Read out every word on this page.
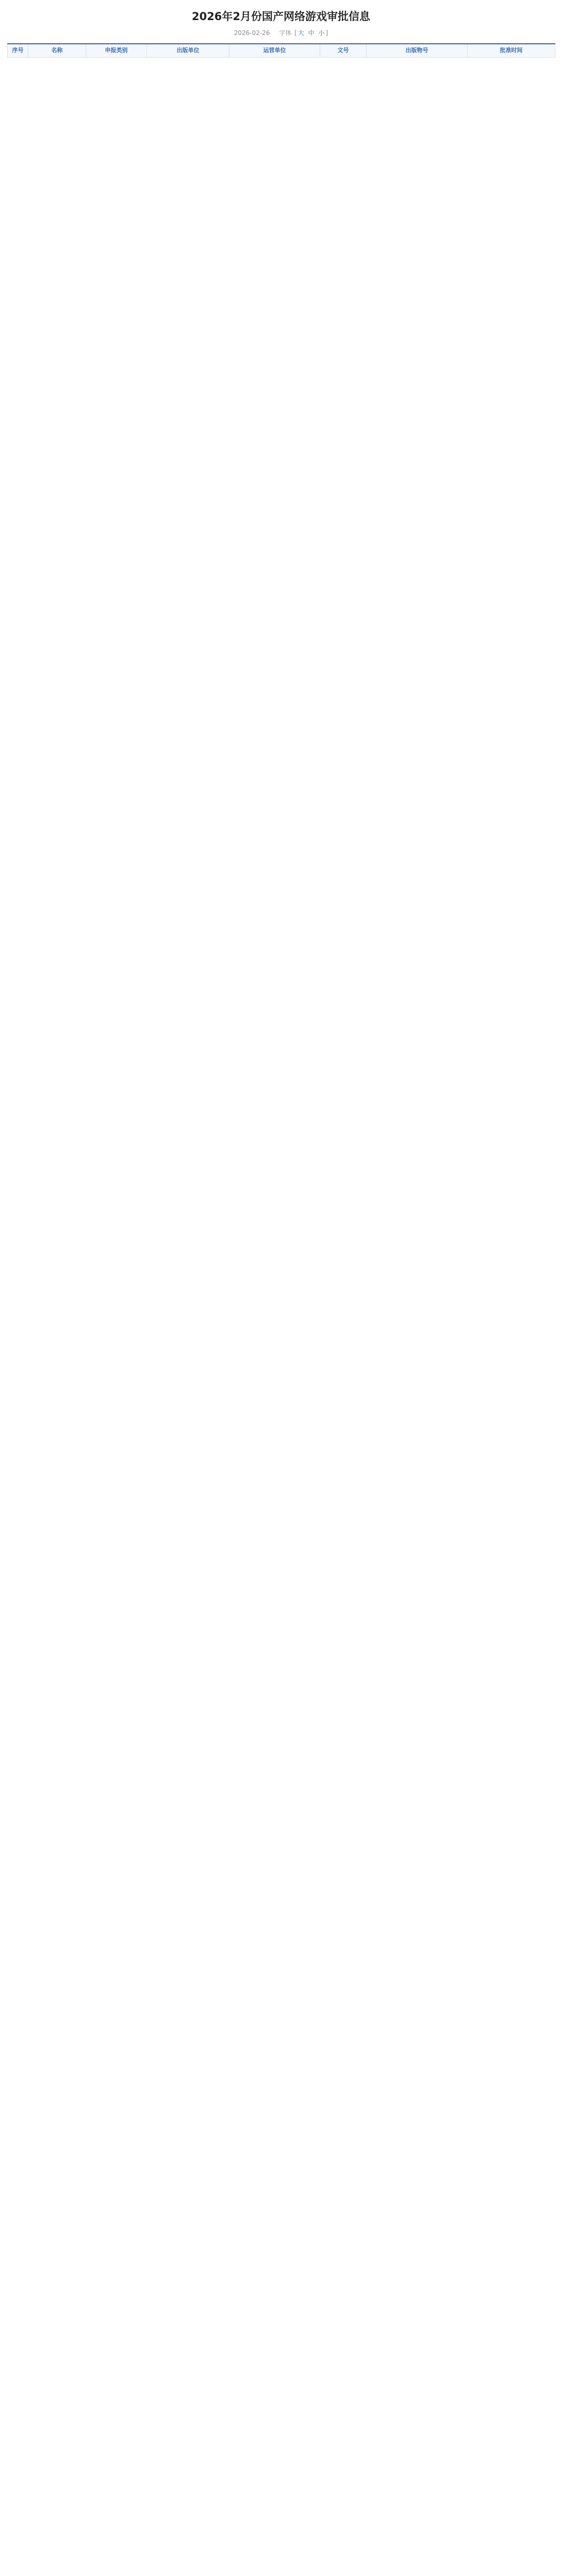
2026年2月份国产网络游戏审批信息
2026-02-26 字体 [ 大 中 小 ]
序号	名称	申报类别	出版单位	运营单位	文号	出版物号	批准时间
